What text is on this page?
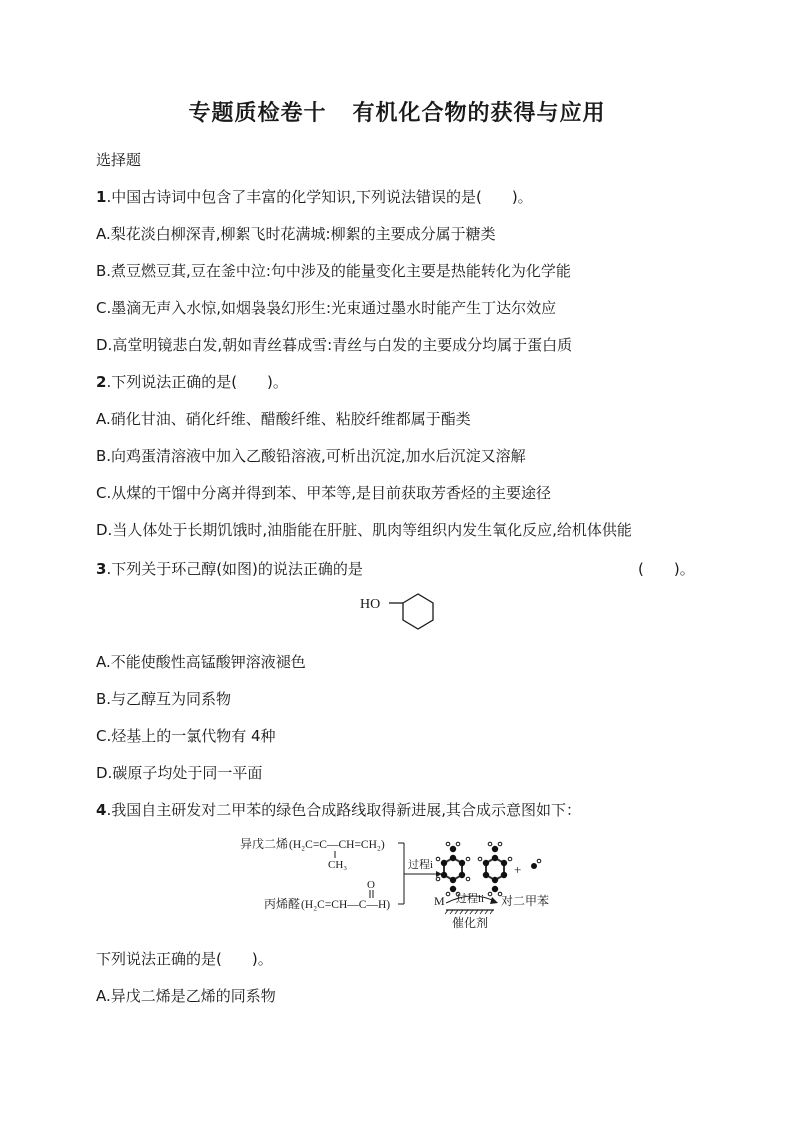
专题质检卷十 有机化合物的获得与应用
选择题
1.中国古诗词中包含了丰富的化学知识,下列说法错误的是(　　)。
A.梨花淡白柳深青,柳絮飞时花满城:柳絮的主要成分属于糖类
B.煮豆燃豆萁,豆在釜中泣:句中涉及的能量变化主要是热能转化为化学能
C.墨滴无声入水惊,如烟袅袅幻形生:光束通过墨水时能产生丁达尔效应
D.高堂明镜悲白发,朝如青丝暮成雪:青丝与白发的主要成分均属于蛋白质
2.下列说法正确的是(　　)。
A.硝化甘油、硝化纤维、醋酸纤维、粘胶纤维都属于酯类
B.向鸡蛋清溶液中加入乙酸铅溶液,可析出沉淀,加水后沉淀又溶解
C.从煤的干馏中分离并得到苯、甲苯等,是目前获取芳香烃的主要途径
D.当人体处于长期饥饿时,油脂能在肝脏、肌肉等组织内发生氧化反应,给机体供能
3.下列关于环己醇(如图)的说法正确的是	(　　)。
HO
A.不能使酸性高锰酸钾溶液褪色
B.与乙醇互为同系物
C.烃基上的一氯代物有 4种
D.碳原子均处于同一平面
4.我国自主研发对二甲苯的绿色合成路线取得新进展,其合成示意图如下：
异戊二烯 (H₂C=C—CH=CH₂)
CH₃
O
丙烯醛 (H₂C=CH—C—H)
过程i	+
M 过程ii 对二甲苯
催化剂
下列说法正确的是(　　)。
A.异戊二烯是乙烯的同系物
